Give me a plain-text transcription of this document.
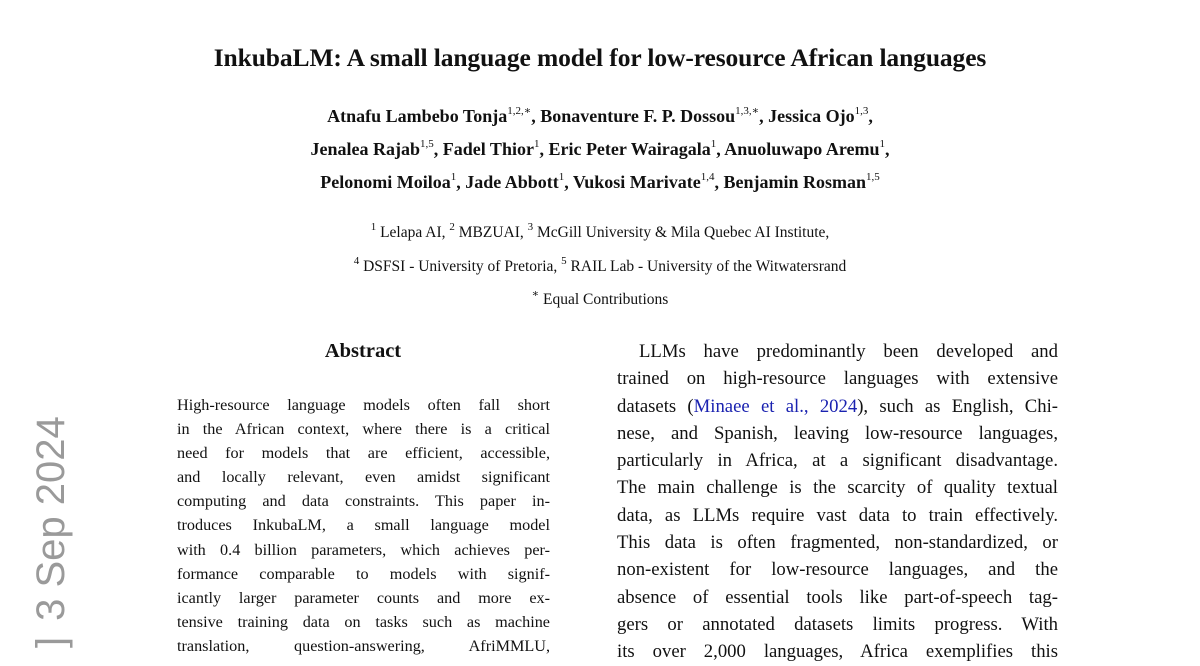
InkubaLM: A small language model for low-resource African languages
Atnafu Lambebo Tonja$^{1,2,∗}$, Bonaventure F. P. Dossou$^{1,3,∗}$, Jessica Ojo$^{1,3}$,
Jenalea Rajab$^{1,5}$, Fadel Thior$^1$, Eric Peter Wairagala$^1$, Anuoluwapo Aremu$^1$,
Pelonomi Moiloa$^1$, Jade Abbott$^1$, Vukosi Marivate$^{1,4}$, Benjamin Rosman$^{1,5}$
$^1$ Lelapa AI, $^2$ MBZUAI, $^3$ McGill University & Mila Quebec AI Institute,
$^4$ DSFSI - University of Pretoria, $^5$ RAIL Lab - University of the Witwatersrand
∗ Equal Contributions
]3 Sep 2024
Abstract
High-resource language models often fall short
in the African context, where there is a critical
need for models that are efficient, accessible,
and locally relevant, even amidst significant
computing and data constraints. This paper in-
troduces InkubaLM, a small language model
with 0.4 billion parameters, which achieves per-
formance comparable to models with signif-
icantly larger parameter counts and more ex-
tensive training data on tasks such as machine
translation, question-answering, AfriMMLU,
LLMs have predominantly been developed and
trained on high-resource languages with extensive
datasets (Minaee et al., 2024), such as English, Chi-
nese, and Spanish, leaving low-resource languages,
particularly in Africa, at a significant disadvantage.
The main challenge is the scarcity of quality textual
data, as LLMs require vast data to train effectively.
This data is often fragmented, non-standardized, or
non-existent for low-resource languages, and the
absence of essential tools like part-of-speech tag-
gers or annotated datasets limits progress. With
its over 2,000 languages, Africa exemplifies this
